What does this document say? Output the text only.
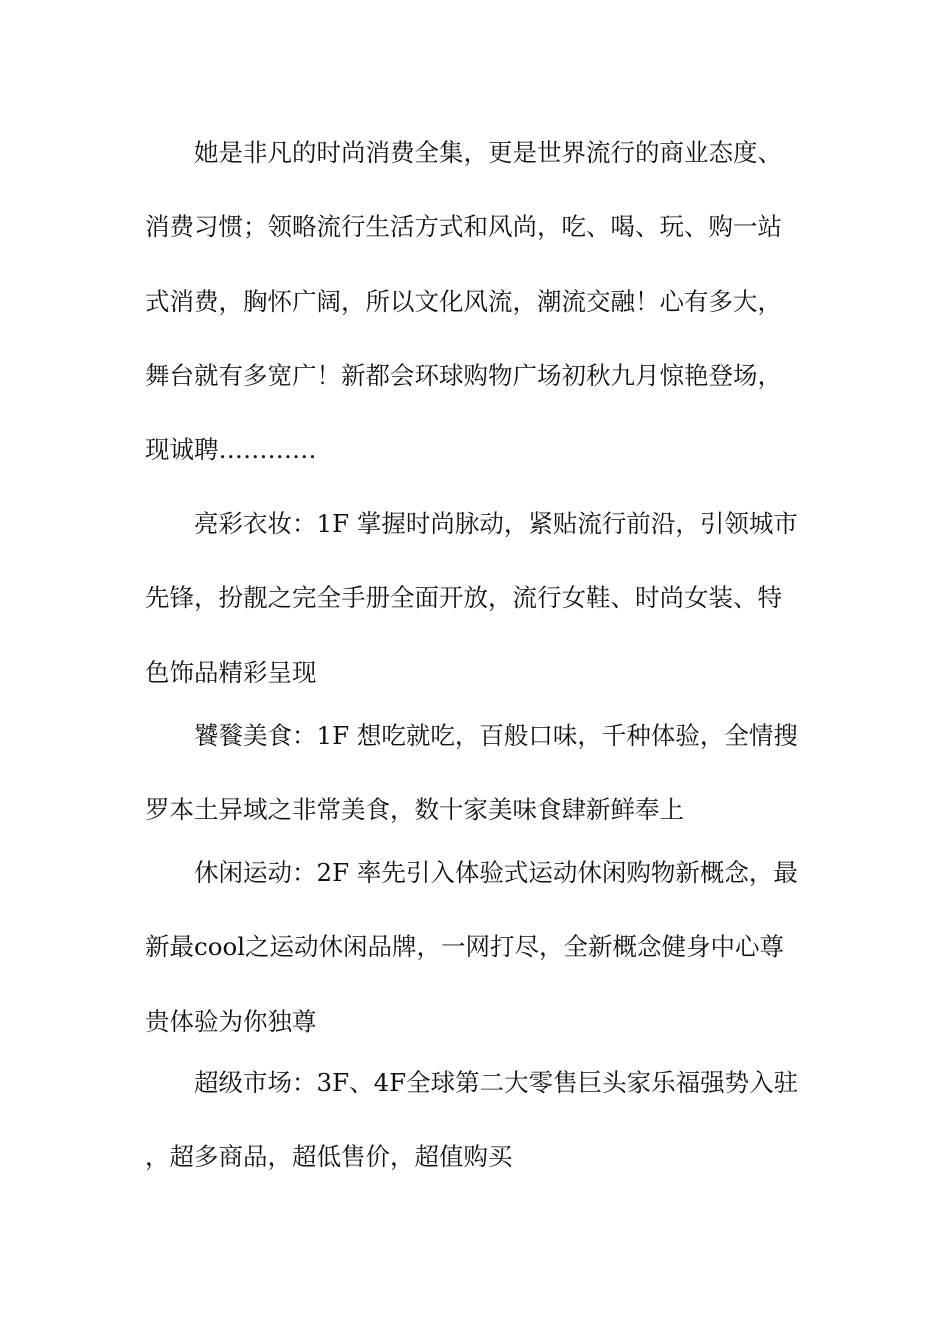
她是非凡的时尚消费全集，更是世界流行的商业态度、消费习惯；领略流行生活方式和风尚，吃、喝、玩、购一站式消费，胸怀广阔，所以文化风流，潮流交融！心有多大，舞台就有多宽广！新都会环球购物广场初秋九月惊艳登场，现诚聘…………

亮彩衣妆：1F 掌握时尚脉动，紧贴流行前沿，引领城市先锋，扮靓之完全手册全面开放，流行女鞋、时尚女装、特色饰品精彩呈现

饕餮美食：1F 想吃就吃，百般口味，千种体验，全情搜罗本土异域之非常美食，数十家美味食肆新鲜奉上

休闲运动：2F 率先引入体验式运动休闲购物新概念，最新最cool之运动休闲品牌，一网打尽，全新概念健身中心尊贵体验为你独尊

超级市场：3F、4F全球第二大零售巨头家乐福强势入驻，超多商品，超低售价，超值购买
